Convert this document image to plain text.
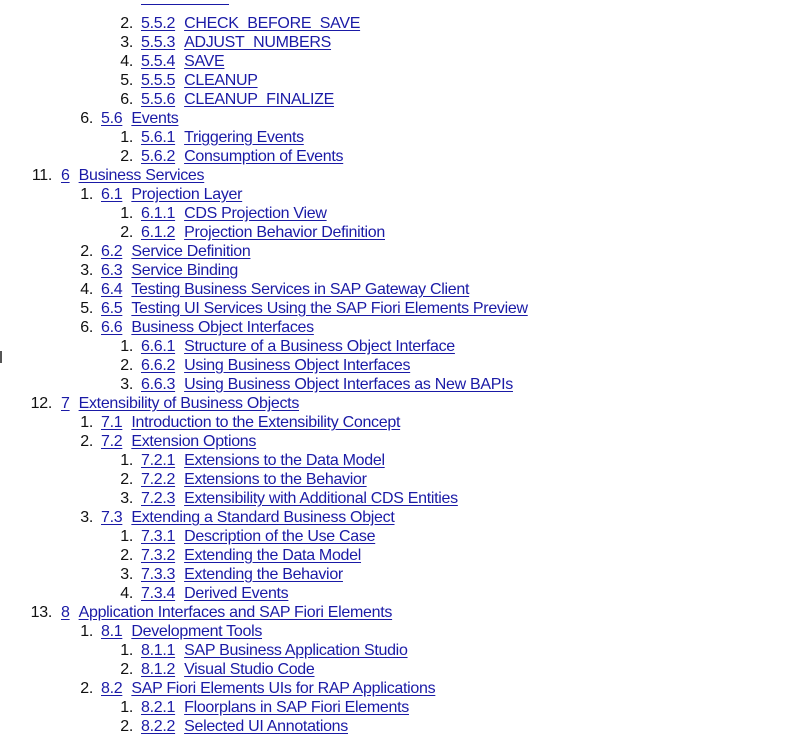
2. 5.5.2 CHECK_BEFORE_SAVE
3. 5.5.3 ADJUST_NUMBERS
4. 5.5.4 SAVE
5. 5.5.5 CLEANUP
6. 5.5.6 CLEANUP_FINALIZE
6. 5.6 Events
1. 5.6.1 Triggering Events
2. 5.6.2 Consumption of Events
11. 6 Business Services
1. 6.1 Projection Layer
1. 6.1.1 CDS Projection View
2. 6.1.2 Projection Behavior Definition
2. 6.2 Service Definition
3. 6.3 Service Binding
4. 6.4 Testing Business Services in SAP Gateway Client
5. 6.5 Testing UI Services Using the SAP Fiori Elements Preview
6. 6.6 Business Object Interfaces
1. 6.6.1 Structure of a Business Object Interface
2. 6.6.2 Using Business Object Interfaces
3. 6.6.3 Using Business Object Interfaces as New BAPIs
12. 7 Extensibility of Business Objects
1. 7.1 Introduction to the Extensibility Concept
2. 7.2 Extension Options
1. 7.2.1 Extensions to the Data Model
2. 7.2.2 Extensions to the Behavior
3. 7.2.3 Extensibility with Additional CDS Entities
3. 7.3 Extending a Standard Business Object
1. 7.3.1 Description of the Use Case
2. 7.3.2 Extending the Data Model
3. 7.3.3 Extending the Behavior
4. 7.3.4 Derived Events
13. 8 Application Interfaces and SAP Fiori Elements
1. 8.1 Development Tools
1. 8.1.1 SAP Business Application Studio
2. 8.1.2 Visual Studio Code
2. 8.2 SAP Fiori Elements UIs for RAP Applications
1. 8.2.1 Floorplans in SAP Fiori Elements
2. 8.2.2 Selected UI Annotations
